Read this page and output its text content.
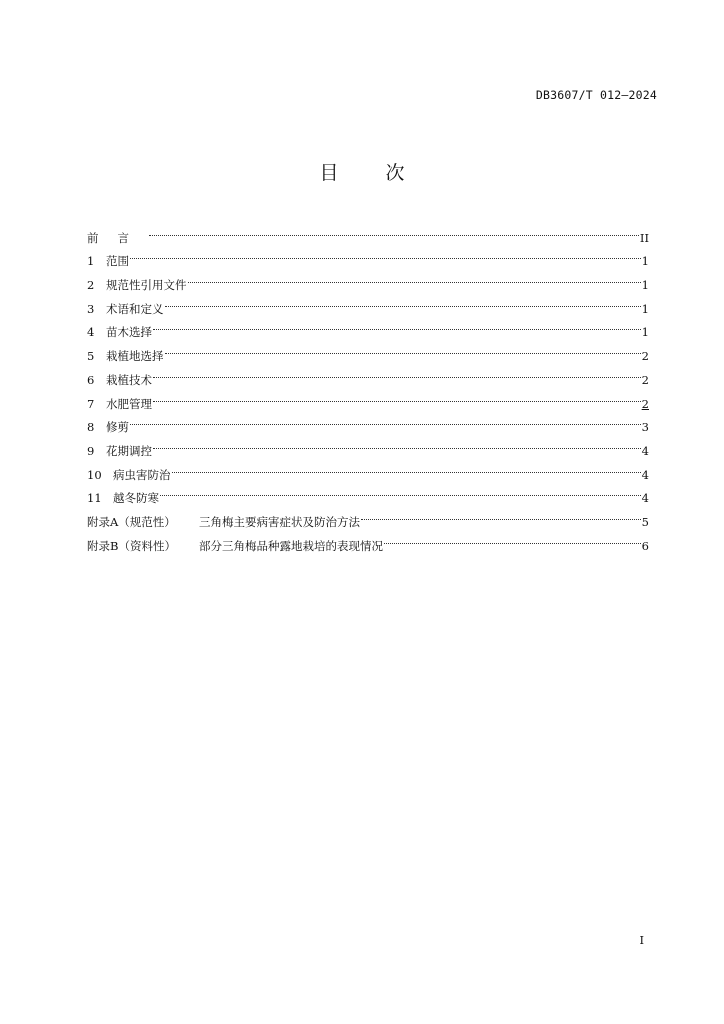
DB3607/T 012—2024
目　次
前言	II
1	范围	1
2	规范性引用文件	1
3	术语和定义	1
4	苗木选择	1
5	栽植地选择	2
6	栽植技术	2
7	水肥管理	2
8	修剪	3
9	花期调控	4
10 病虫害防治	4
11 越冬防寒	4
附录A（规范性）	三角梅主要病害症状及防治方法	5
附录B（资料性）	部分三角梅品种露地栽培的表现情况	6
I
